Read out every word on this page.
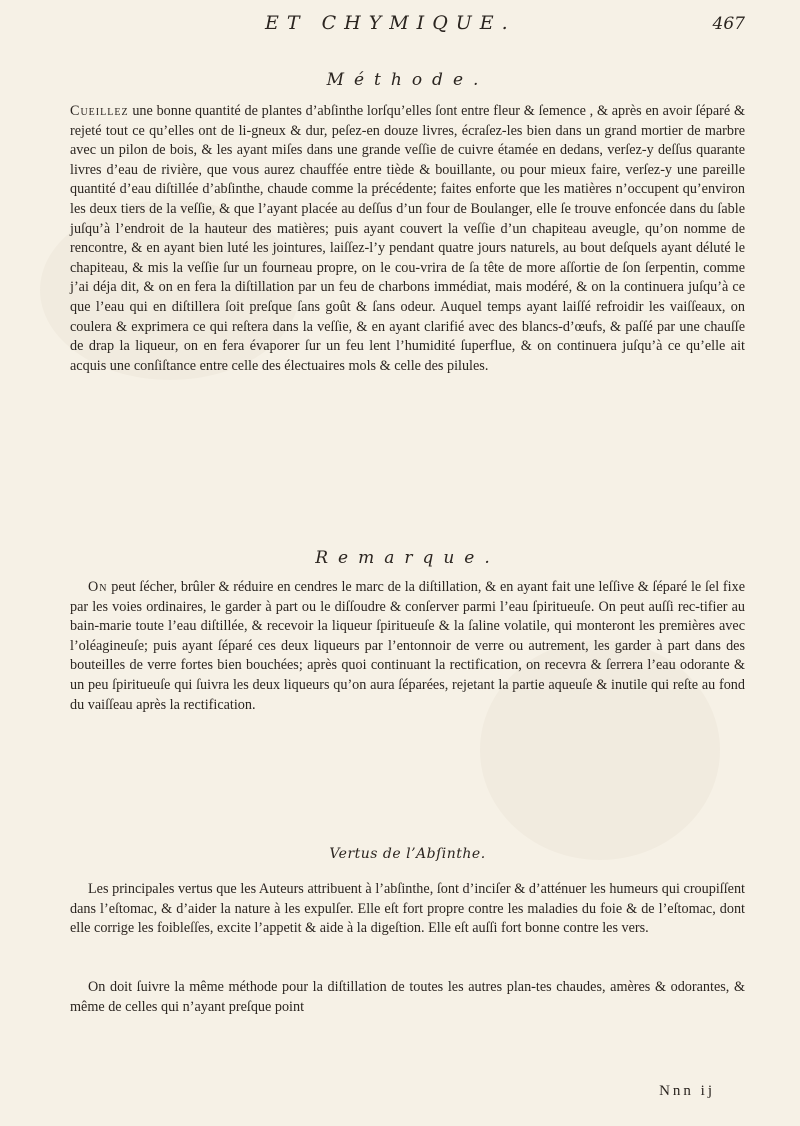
ET CHYMIQUE.	467
Méthode.

Cueillez une bonne quantité de plantes d’abſinthe lorſqu’elles ſont entre fleur & ſemence , & après en avoir ſéparé & rejeté tout ce qu’elles ont de li-gneux & dur, peſez-en douze livres, écraſez-les bien dans un grand mortier de marbre avec un pilon de bois, & les ayant miſes dans une grande veſſie de cuivre étamée en dedans, verſez-y deſſus quarante livres d’eau de rivière, que vous aurez chauffée entre tiède & bouillante, ou pour mieux faire, verſez-y une pareille quantité d’eau diſtillée d’abſinthe, chaude comme la précédente; faites enforte que les matières n’occupent qu’environ les deux tiers de la veſſie, & que l’ayant placée au deſſus d’un four de Boulanger, elle ſe trouve enfoncée dans du ſable juſqu’à l’endroit de la hauteur des matières; puis ayant couvert la veſſie d’un chapiteau aveugle, qu’on nomme de rencontre, & en ayant bien luté les jointures, laiſſez-l’y pendant quatre jours naturels, au bout deſquels ayant déluté le chapiteau, & mis la veſſie ſur un fourneau propre, on le cou-vrira de ſa tête de more aſſortie de ſon ſerpentin, comme j’ai déja dit, & on en fera la diſtillation par un feu de charbons immédiat, mais modéré, & on la continuera juſqu’à ce que l’eau qui en diſtillera ſoit preſque ſans goût & ſans odeur. Auquel temps ayant laiſſé refroidir les vaiſſeaux, on coulera & exprimera ce qui reſtera dans la veſſie, & en ayant clarifié avec des blancs-d’œufs, & paſſé par une chauſſe de drap la liqueur, on en fera évaporer ſur un feu lent l’humidité ſuperflue, & on continuera juſqu’à ce qu’elle ait acquis une conſiſtance entre celle des électuaires mols & celle des pilules.

Remarque.

On peut ſécher, brûler & réduire en cendres le marc de la diſtillation, & en ayant fait une leſſive & ſéparé le ſel fixe par les voies ordinaires, le garder à part ou le diſſoudre & conſerver parmi l’eau ſpiritueuſe. On peut auſſi rec-tifier au bain-marie toute l’eau diſtillée, & recevoir la liqueur ſpiritueuſe & la ſaline volatile, qui monteront les premières avec l’oléagineuſe; puis ayant ſéparé ces deux liqueurs par l’entonnoir de verre ou autrement, les garder à part dans des bouteilles de verre fortes bien bouchées; après quoi continuant la rectification, on recevra & ſerrera l’eau odorante & un peu ſpiritueuſe qui ſuivra les deux liqueurs qu’on aura ſéparées, rejetant la partie aqueuſe & inutile qui reſte au fond du vaiſſeau après la rectification.

Vertus de l’Abſinthe.

Les principales vertus que les Auteurs attribuent à l’abſinthe, ſont d’inciſer & d’atténuer les humeurs qui croupiſſent dans l’eſtomac, & d’aider la nature à les expulſer. Elle eſt fort propre contre les maladies du foie & de l’eſtomac, dont elle corrige les foibleſſes, excite l’appetit & aide à la digeſtion. Elle eſt auſſi fort bonne contre les vers.

On doit ſuivre la même méthode pour la diſtillation de toutes les autres plan-tes chaudes, amères & odorantes, & même de celles qui n’ayant preſque point

Nnn ij
